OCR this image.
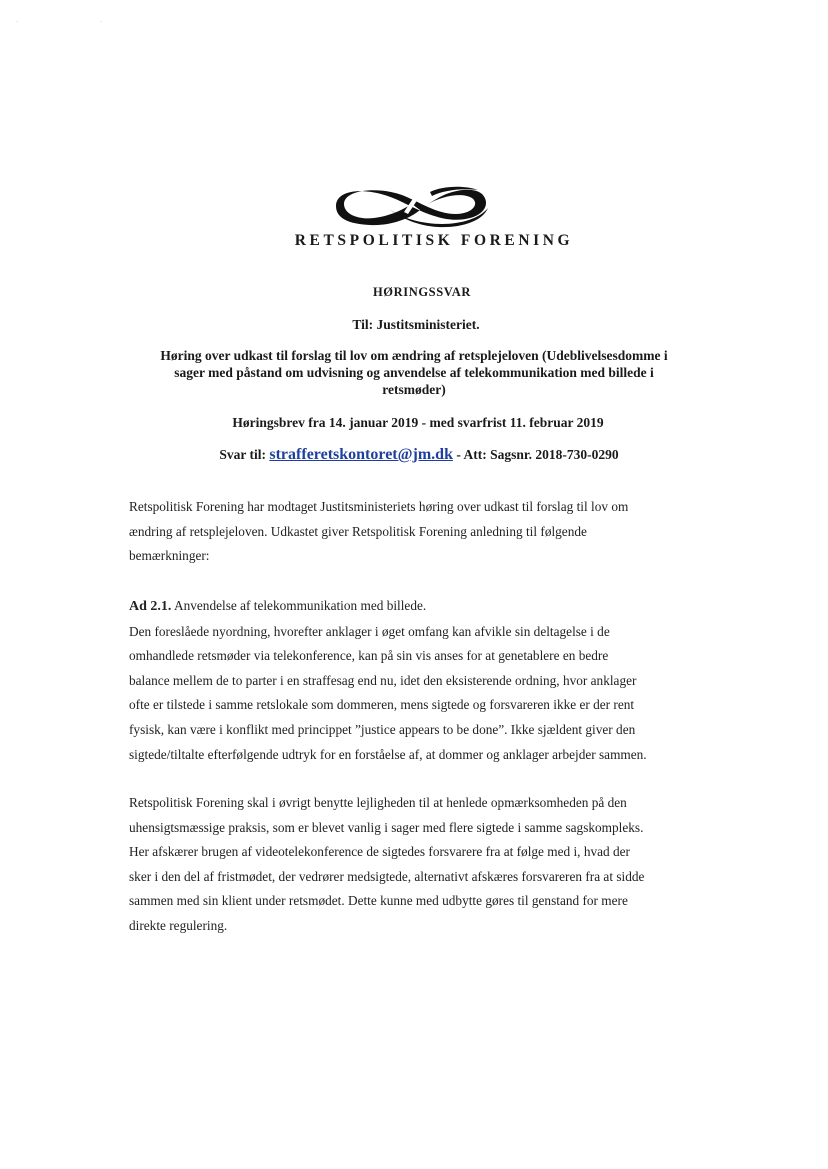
· ·
RETSPOLITISK FORENING
HØRINGSSVAR
Til: Justitsministeriet.
Høring over udkast til forslag til lov om ændring af retsplejeloven (Udeblivelsesdomme i
sager med påstand om udvisning og anvendelse af telekommunikation med billede i
retsmøder)
Høringsbrev fra 14. januar 2019 - med svarfrist 11. februar 2019
Svar til: strafferetskontoret@jm.dk - Att: Sagsnr. 2018-730-0290
Retspolitisk Forening har modtaget Justitsministeriets høring over udkast til forslag til lov om
ændring af retsplejeloven. Udkastet giver Retspolitisk Forening anledning til følgende
bemærkninger:
Ad 2.1. Anvendelse af telekommunikation med billede.
Den foreslåede nyordning, hvorefter anklager i øget omfang kan afvikle sin deltagelse i de
omhandlede retsmøder via telekonference, kan på sin vis anses for at genetablere en bedre
balance mellem de to parter i en straffesag end nu, idet den eksisterende ordning, hvor anklager
ofte er tilstede i samme retslokale som dommeren, mens sigtede og forsvareren ikke er der rent
fysisk, kan være i konflikt med princippet ”justice appears to be done”. Ikke sjældent giver den
sigtede/tiltalte efterfølgende udtryk for en forståelse af, at dommer og anklager arbejder sammen.
Retspolitisk Forening skal i øvrigt benytte lejligheden til at henlede opmærksomheden på den
uhensigtsmæssige praksis, som er blevet vanlig i sager med flere sigtede i samme sagskompleks.
Her afskærer brugen af videotelekonference de sigtedes forsvarere fra at følge med i, hvad der
sker i den del af fristmødet, der vedrører medsigtede, alternativt afskæres forsvareren fra at sidde
sammen med sin klient under retsmødet. Dette kunne med udbytte gøres til genstand for mere
direkte regulering.
